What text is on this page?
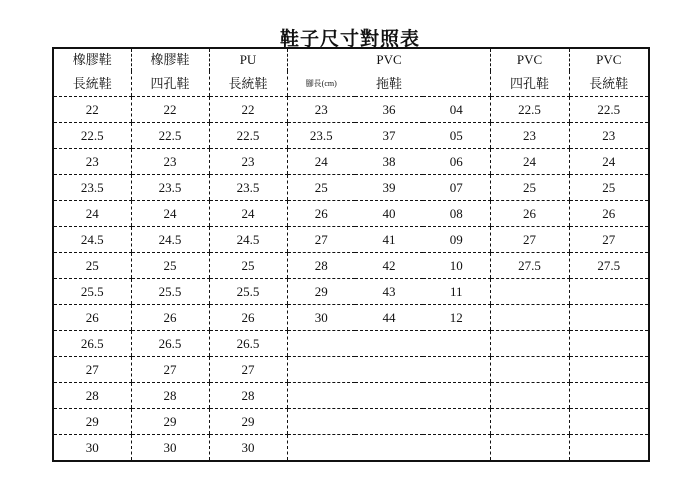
鞋子尺寸對照表
橡膠鞋	橡膠鞋	PU		PVC		PVC	PVC
長統鞋	四孔鞋	長統鞋	腳長(cm)	拖鞋		四孔鞋	長統鞋
22	22	22	23	36	04	22.5	22.5
22.5	22.5	22.5	23.5	37	05	23	23
23	23	23	24	38	06	24	24
23.5	23.5	23.5	25	39	07	25	25
24	24	24	26	40	08	26	26
24.5	24.5	24.5	27	41	09	27	27
25	25	25	28	42	10	27.5	27.5
25.5	25.5	25.5	29	43	11		
26	26	26	30	44	12		
26.5	26.5	26.5					
27	27	27					
28	28	28					
29	29	29					
30	30	30					
